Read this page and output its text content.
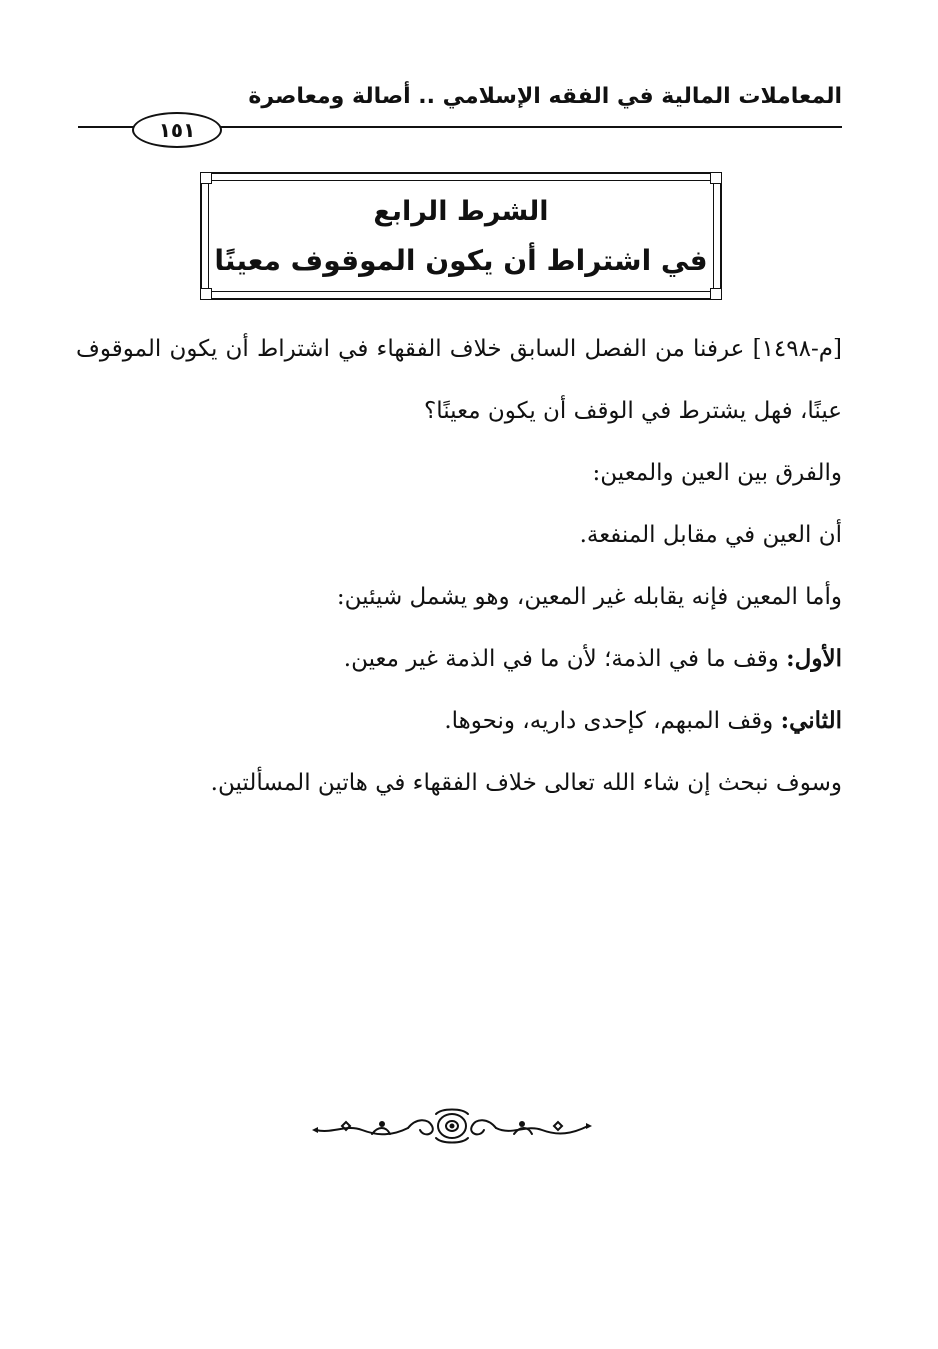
المعاملات المالية في الفقه الإسلامي .. أصالة ومعاصرة
١٥١
الشرط الرابع
في اشتراط أن يكون الموقوف معينًا

[م-١٤٩٨] عرفنا من الفصل السابق خلاف الفقهاء في اشتراط أن يكون الموقوف عينًا، فهل يشترط في الوقف أن يكون معينًا؟

والفرق بين العين والمعين:

أن العين في مقابل المنفعة.

وأما المعين فإنه يقابله غير المعين، وهو يشمل شيئين:

الأول: وقف ما في الذمة؛ لأن ما في الذمة غير معين.

الثاني: وقف المبهم، كإحدى داريه، ونحوها.

وسوف نبحث إن شاء الله تعالى خلاف الفقهاء في هاتين المسألتين.
